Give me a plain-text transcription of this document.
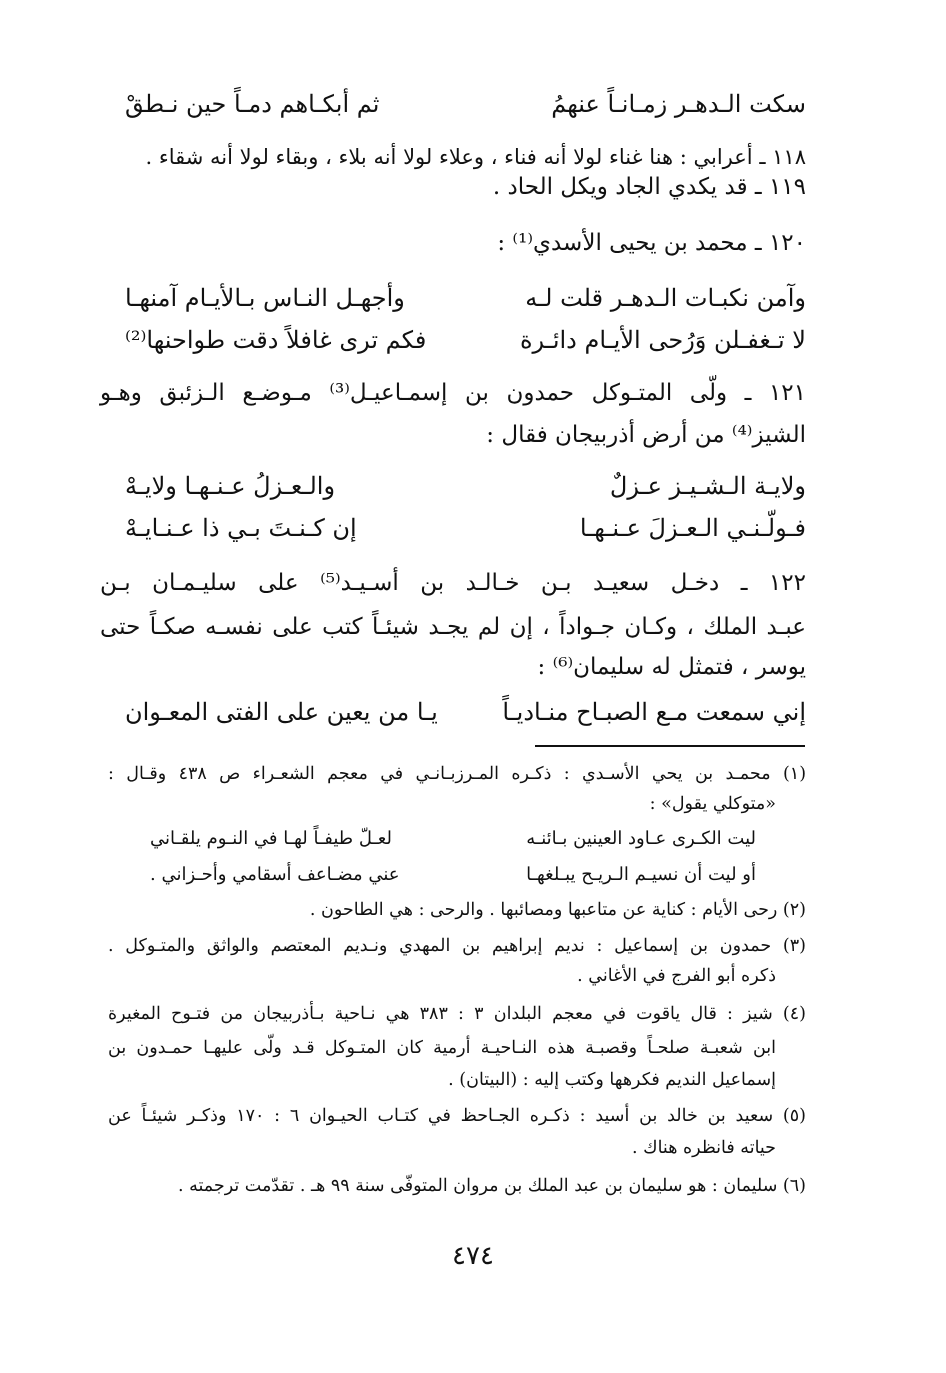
سكت الـدهـر زمـانـاً عنهمُ
ثم أبكـاهم دمـاً حين نـطقْ
١١٨ ـ أعرابي : هنا غناء لولا أنه فناء ، وعلاء لولا أنه بلاء ، وبقاء لولا أنه شقاء .
١١٩ ـ قد يكدي الجاد ويكل الحاد .
١٢٠ ـ محمد بن يحيى الأسدي⁽¹⁾ :
وآمن نكبـات الـدهـر قلت لـه
وأجهـل النـاس بـالأيـام آمنهـا
لا تـغفـلن وَرُحى الأيـام دائـرة
فكم ترى غافلاً دقت طواحنها⁽²⁾
١٢١ ـ ولّى المتـوكل حمدون بن إسمـاعيـل⁽³⁾ مـوضـع الـزئبق وهـو
الشيز⁽⁴⁾ من أرض أذربيجان فقال :
ولايـة الـشـيـز عـزلٌ
والـعـزلُ عـنـهـا ولايـهْ
فـولّـنـي الـعـزلَ عـنـهـا
إن كـنـتَ بـي ذا عـنـايـهْ
١٢٢ ـ دخـل سعيـد بـن خـالـد بن أسـيـد⁽⁵⁾ على سليـمـان بـن
عبـد الملك ، وكـان جـواداً ، إن لم يجـد شيئـاً كتب على نفسـه صكـاً حتى
يوسر ، فتمثل له سليمان⁽⁶⁾ :
إني سمعت مـع الصبـاح منـاديـاً
يـا من يعين على الفتى المعـوان
(١) محمـد بن يحي الأسـدي : ذكـره المـرزبـانـي في معجم الشعـراء ص ٤٣٨ وقـال :
«متوكلي يقول» :
ليت الكـرى عـاود العينين بـائنـه
لعـلّ طيفـاً لهـا في النـوم يلقـاني
أو ليت أن نسيـم الـريـح يبـلغهـا
عني مضـاعف أسقامي وأحـزاني .
(٢) رحى الأيام : كناية عن متاعبها ومصائبها . والرحى : هي الطاحون .
(٣) حمدون بن إسماعيل : نديم إبراهيم بن المهدي ونـديم المعتصم والواثق والمتـوكل .
ذكره أبو الفرج في الأغاني .
(٤) شيز : قال ياقوت في معجم البلدان ٣ : ٣٨٣ هي نـاحية بـأذربيجان من فتـوح المغيرة
ابن شعبـة صلحـاً وقصبـة هذه النـاحيـة أرمية كان المتـوكل قـد ولّى عليهـا حمـدون بن
إسماعيل النديم فكرهها وكتب إليه : (البيتان) .
(٥) سعيد بن خالد بن أسيد : ذكـره الجـاحظ في كتـاب الحيـوان ٦ : ١٧٠ وذكـر شيئـاً عن
حياته فانظره هناك .
(٦) سليمان : هو سليمان بن عبد الملك بن مروان المتوفّى سنة ٩٩ هـ . تقدّمت ترجمته .
٤٧٤
